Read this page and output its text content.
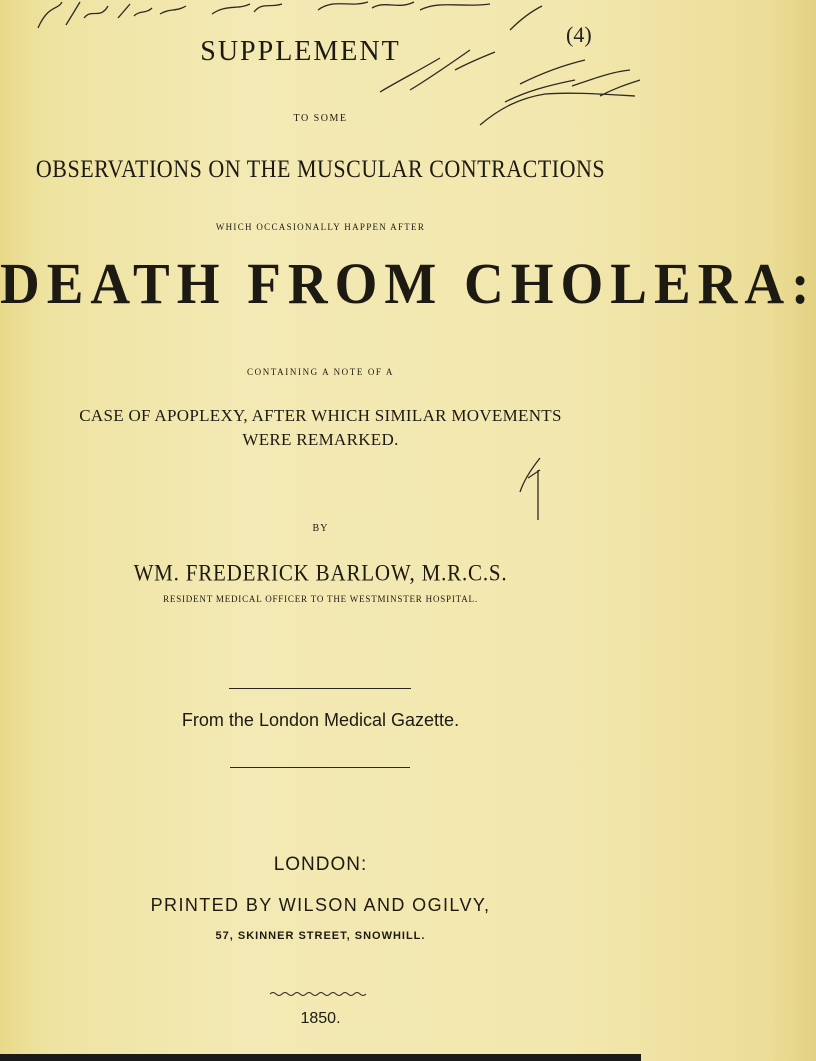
(4)
SUPPLEMENT
TO SOME
OBSERVATIONS ON THE MUSCULAR CONTRACTIONS
WHICH OCCASIONALLY HAPPEN AFTER
DEATH FROM CHOLERA:
CONTAINING A NOTE OF A
CASE OF APOPLEXY, AFTER WHICH SIMILAR MOVEMENTS
WERE REMARKED.
BY
WM. FREDERICK BARLOW, M.R.C.S.
RESIDENT MEDICAL OFFICER TO THE WESTMINSTER HOSPITAL.
From the London Medical Gazette.
LONDON:
PRINTED BY WILSON AND OGILVY,
57, SKINNER STREET, SNOWHILL.
1850.
